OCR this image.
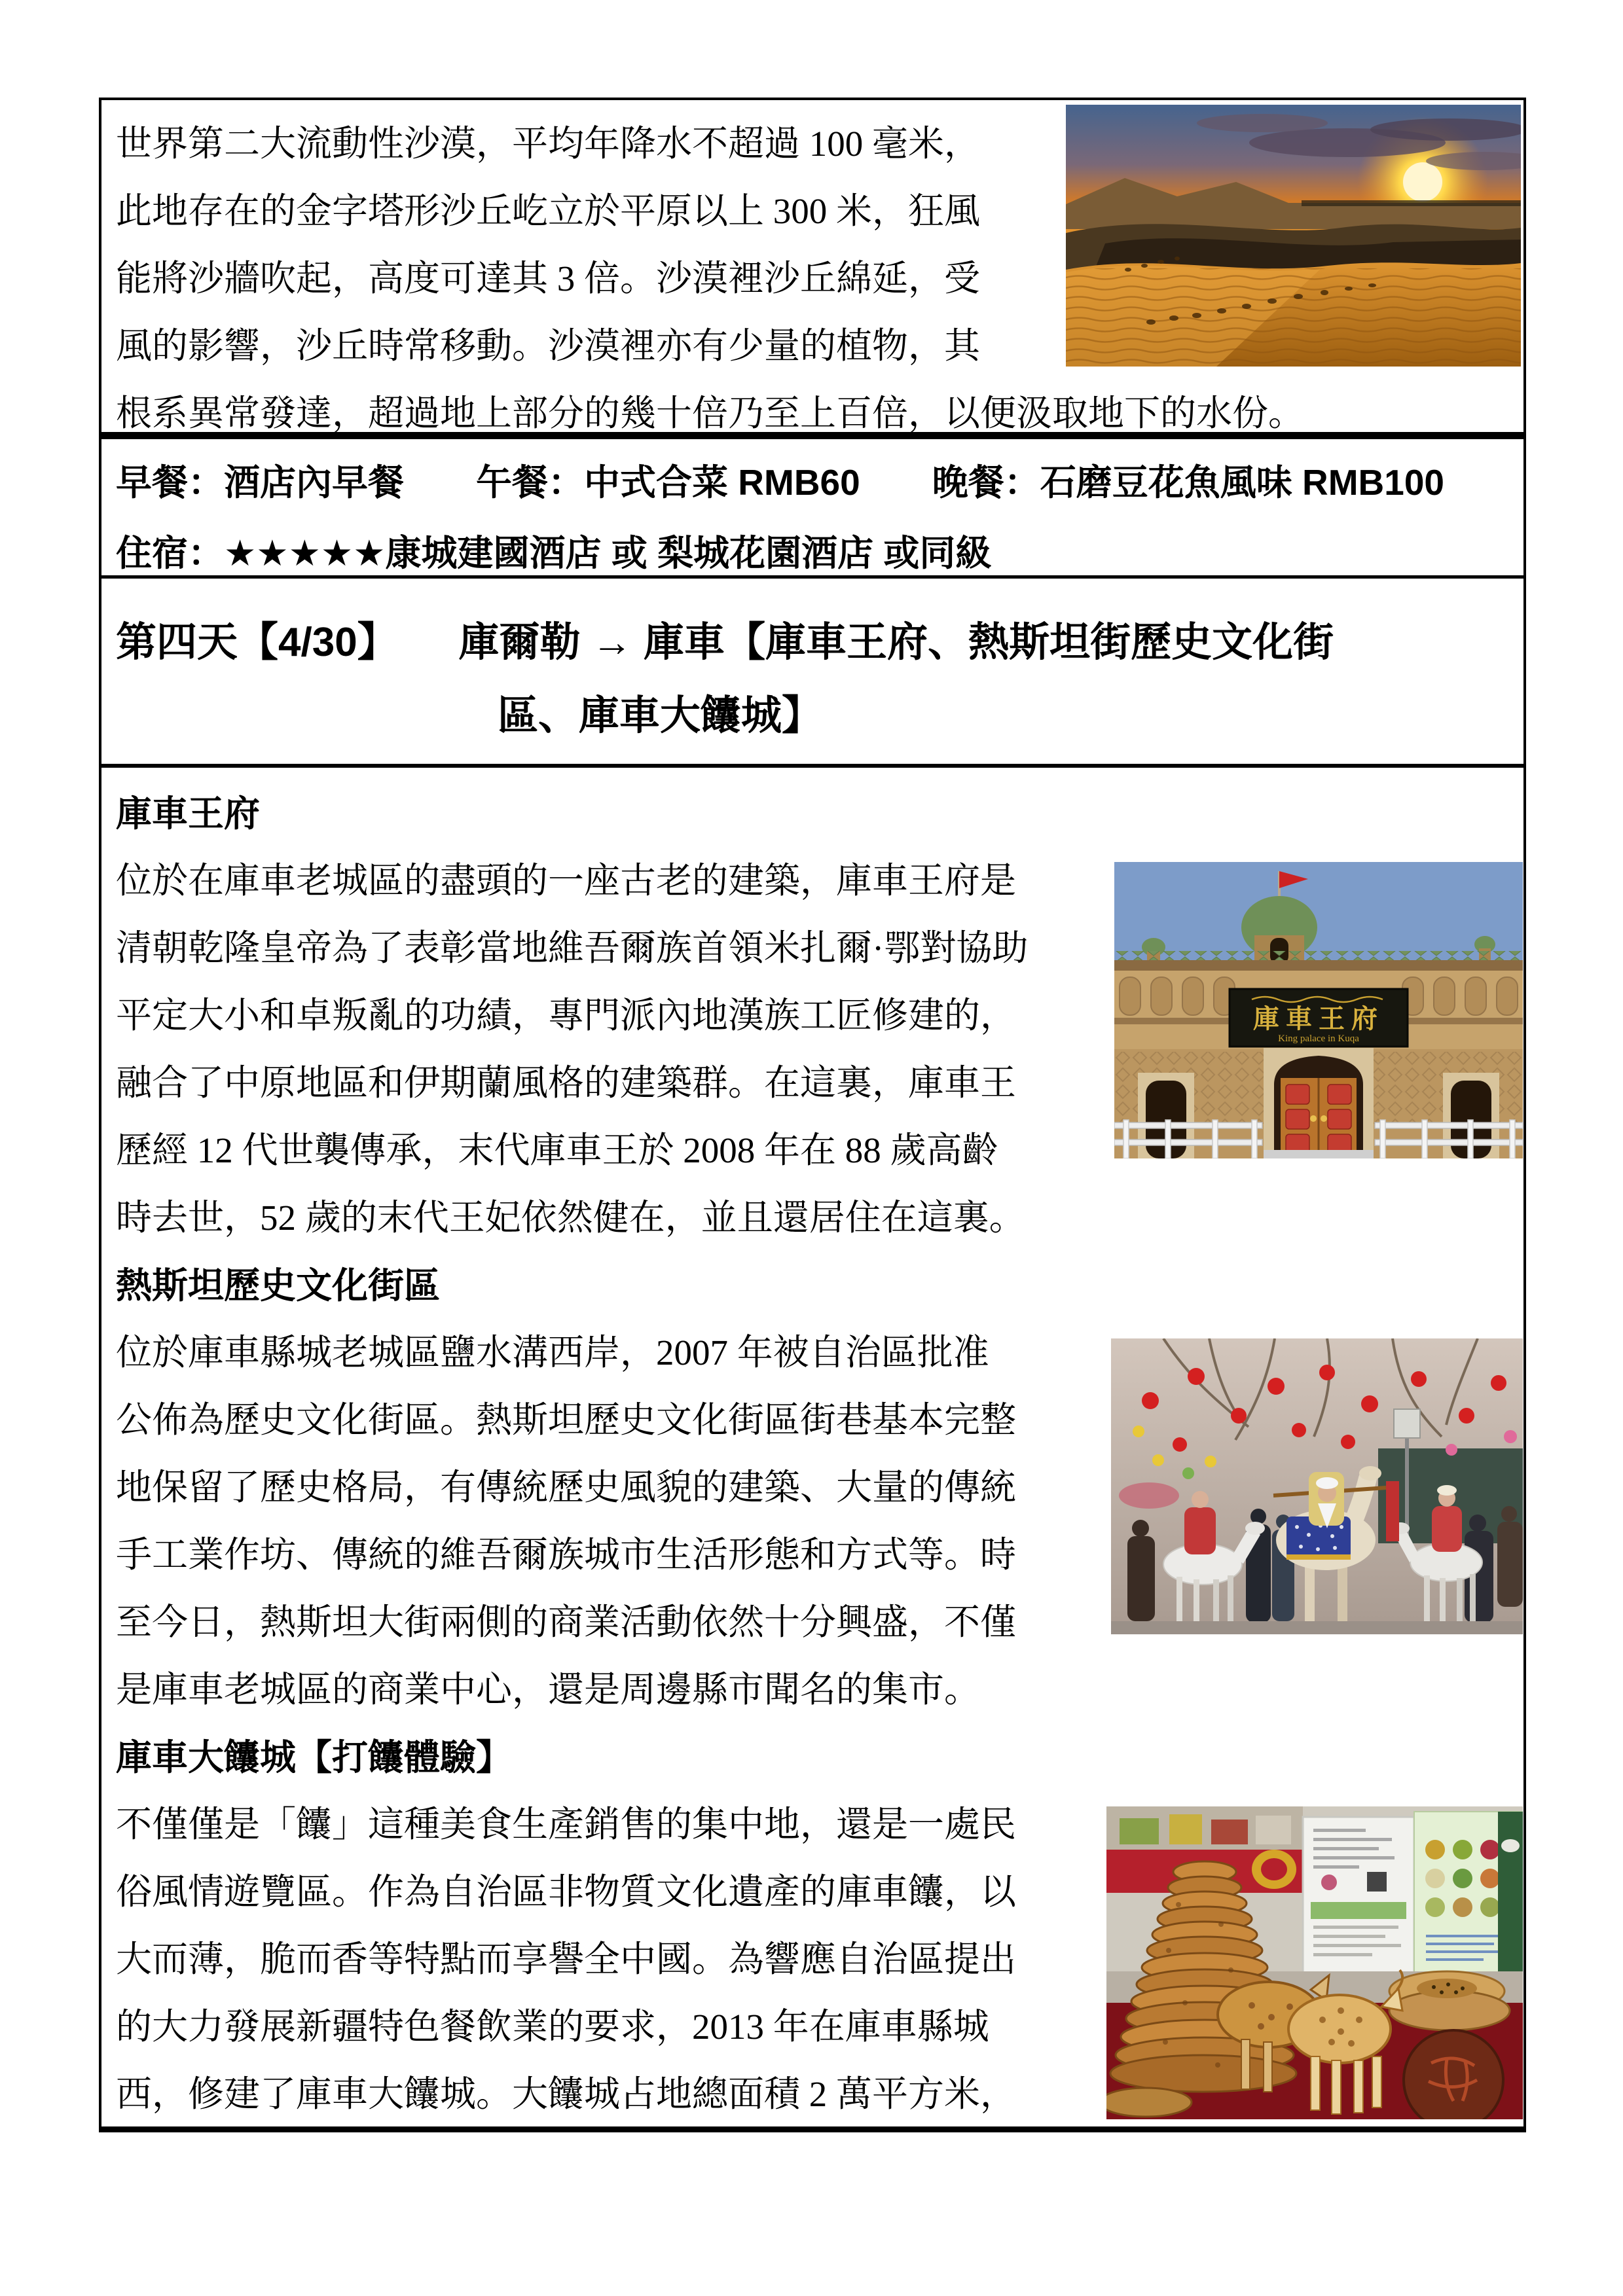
世界第二大流動性沙漠，平均年降水不超過 100 毫米，
此地存在的金字塔形沙丘屹立於平原以上 300 米，狂風
能將沙牆吹起，高度可達其 3 倍。沙漠裡沙丘綿延，受
風的影響，沙丘時常移動。沙漠裡亦有少量的植物，其
根系異常發達，超過地上部分的幾十倍乃至上百倍，以便汲取地下的水份。
早餐：酒店內早餐　　午餐：中式合菜 RMB60　　晚餐：石磨豆花魚風味 RMB100
住宿：★★★★★康城建國酒店 或 梨城花園酒店 或同級
第四天【4/30】　　庫爾勒 → 庫車【庫車王府、熱斯坦街歷史文化街
區、庫車大饢城】
庫車王府
位於在庫車老城區的盡頭的一座古老的建築，庫車王府是
清朝乾隆皇帝為了表彰當地維吾爾族首領米扎爾·鄂對協助
平定大小和卓叛亂的功績，專門派內地漢族工匠修建的，
融合了中原地區和伊期蘭風格的建築群。在這裏，庫車王
歷經 12 代世襲傳承，末代庫車王於 2008 年在 88 歲高齡
時去世，52 歲的末代王妃依然健在，並且還居住在這裏。
熱斯坦歷史文化街區
位於庫車縣城老城區鹽水溝西岸，2007 年被自治區批准
公佈為歷史文化街區。熱斯坦歷史文化街區街巷基本完整
地保留了歷史格局，有傳統歷史風貌的建築、大量的傳統
手工業作坊、傳統的維吾爾族城市生活形態和方式等。時
至今日，熱斯坦大街兩側的商業活動依然十分興盛，不僅
是庫車老城區的商業中心，還是周邊縣市聞名的集市。
庫車大饢城【打饢體驗】
不僅僅是「饢」這種美食生產銷售的集中地，還是一處民
俗風情遊覽區。作為自治區非物質文化遺產的庫車饢，以
大而薄，脆而香等特點而享譽全中國。為響應自治區提出
的大力發展新疆特色餐飲業的要求，2013 年在庫車縣城
西，修建了庫車大饢城。大饢城占地總面積 2 萬平方米，
庫車王府
King palace in Kuqa
